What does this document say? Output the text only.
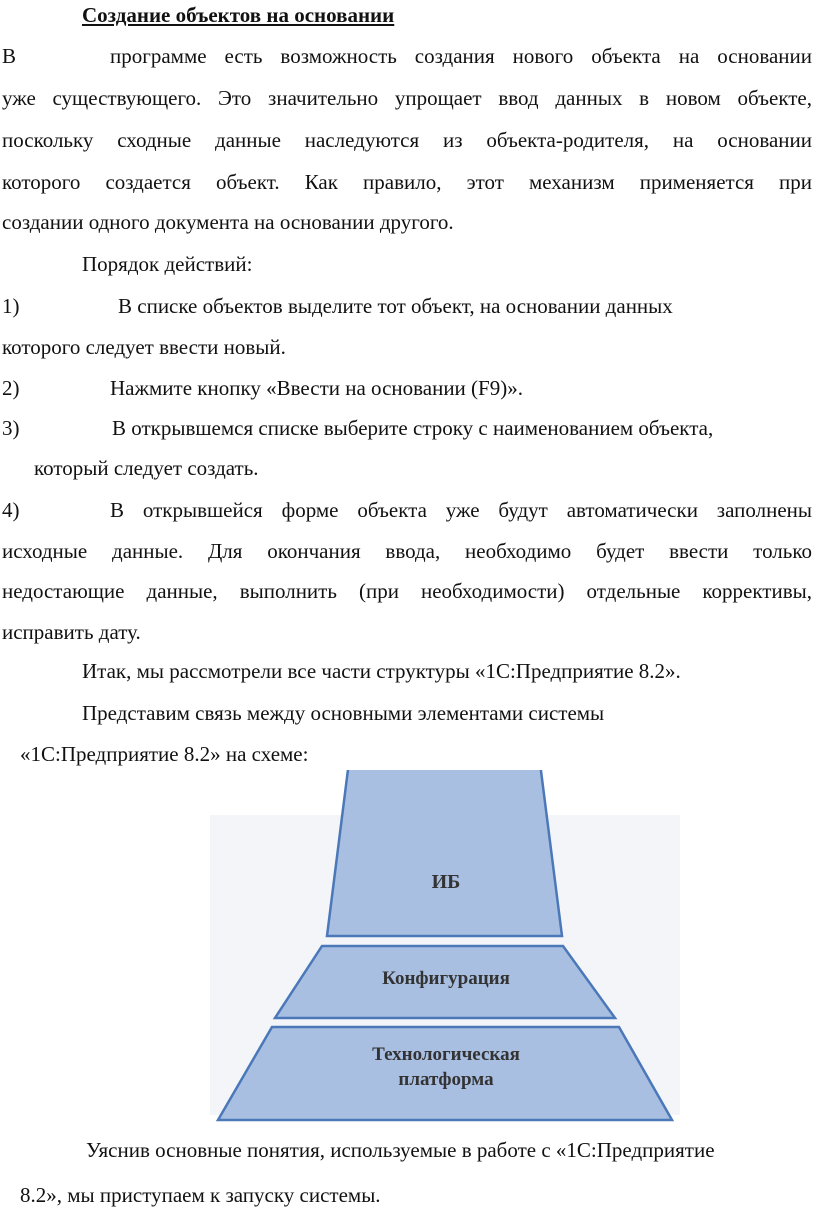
Создание объектов на основании
В	программе есть возможность создания нового объекта на основании
уже существующего. Это значительно упрощает ввод данных в новом объекте,
поскольку сходные данные наследуются из объекта-родителя, на основании
которого создается объект. Как правило, этот механизм применяется при
создании одного документа на основании другого.
Порядок действий:
1)	В списке объектов выделите тот объект, на основании данных
которого следует ввести новый.
2)	Нажмите кнопку «Ввести на основании (F9)».
3)	В открывшемся списке выберите строку с наименованием объекта,
который следует создать.
4)	В открывшейся форме объекта уже будут автоматически заполнены
исходные данные. Для окончания ввода, необходимо будет ввести только
недостающие данные, выполнить (при необходимости) отдельные коррективы,
исправить дату.
Итак, мы рассмотрели все части структуры «1С:Предприятие 8.2».
Представим связь между основными элементами системы
«1С:Предприятие 8.2» на схеме:
ИБ
Конфигурация
Технологическая
платформа
Уяснив основные понятия, используемые в работе с «1С:Предприятие
8.2», мы приступаем к запуску системы.
